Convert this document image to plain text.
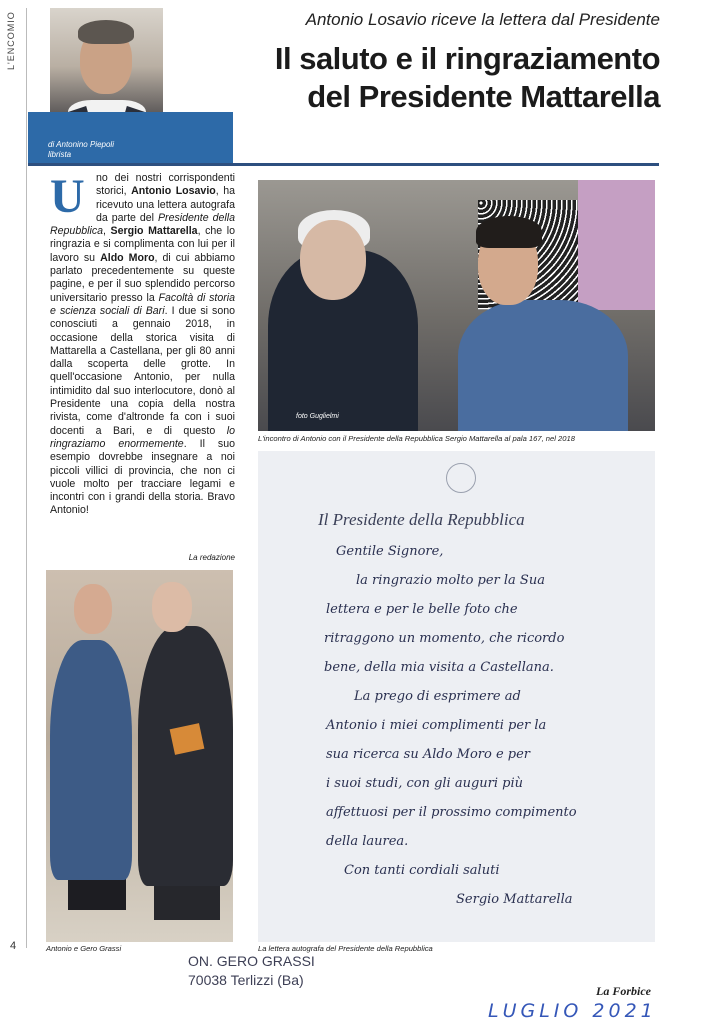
L'ENCOMIO
di Antonino Piepoli
librista
Antonio Losavio riceve la lettera dal Presidente
Il saluto e il ringraziamento
del Presidente Mattarella
U	no dei nostri corrispondenti storici, Antonio Losavio, ha ricevuto una lettera autografa da parte del Presidente della Repubblica, Sergio Mattarella, che lo ringrazia e si complimenta con lui per il lavoro su Aldo Moro, di cui abbiamo parlato precedentemente su queste pagine, e per il suo splendido percorso universitario presso la Facoltà di storia e scienza sociali di Bari. I due si sono conosciuti a gennaio 2018, in occasione della storica visita di Mattarella a Castellana, per gli 80 anni dalla scoperta delle grotte. In quell'occasione Antonio, per nulla intimidito dal suo interlocutore, donò al Presidente una copia della nostra rivista, come d'altronde fa con i suoi docenti a Bari, e di questo lo ringraziamo enormemente. Il suo esempio dovrebbe insegnare a noi piccoli villici di provincia, che non ci vuole molto per tracciare legami e incontri con i grandi della storia. Bravo Antonio!
La redazione
foto Guglielmi
L'incontro di Antonio con il Presidente della Repubblica Sergio Mattarella al pala 167, nel 2018
Il Presidente della Repubblica
Gentile Signore,
la ringrazio molto per la Sua
lettera e per le belle foto che
ritraggono un momento, che ricordo
bene, della mia visita a Castellana.
La prego di esprimere ad
Antonio i miei complimenti per la
sua ricerca su Aldo Moro e per
i suoi studi, con gli auguri più
affettuosi per il prossimo compimento
della laurea.
Con tanti cordiali saluti
Sergio Mattarella
La lettera autografa del Presidente della Repubblica
Antonio e Gero Grassi
4
ON. GERO GRASSI
70038 Terlizzi (Ba)
La Forbice
LUGLIO 2021
